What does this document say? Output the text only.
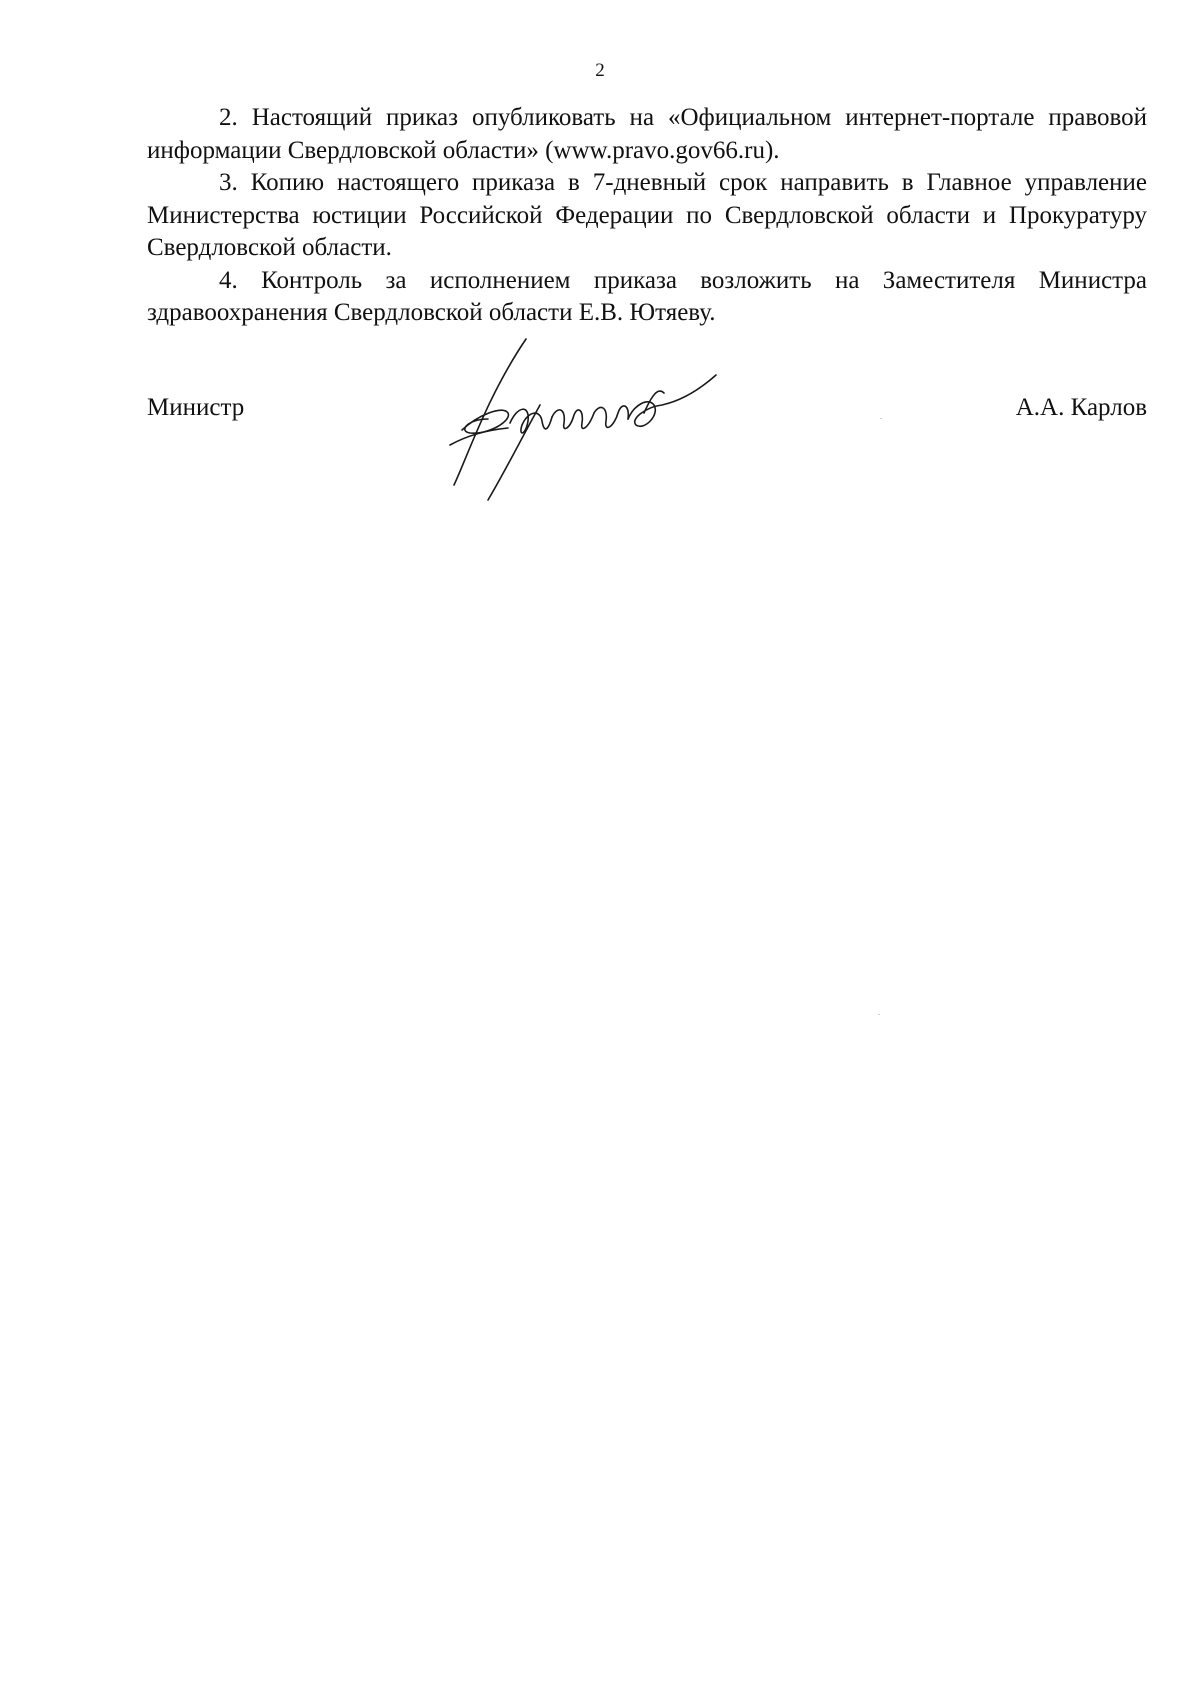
2

2. Настоящий приказ опубликовать на «Официальном интернет-портале правовой информации Свердловской области» (www.pravo.gov66.ru).

3. Копию настоящего приказа в 7-дневный срок направить в Главное управление Министерства юстиции Российской Федерации по Свердловской области и Прокуратуру Свердловской области.

4. Контроль за исполнением приказа возложить на Заместителя Министра здравоохранения Свердловской области Е.В. Ютяеву.

Министр	А.А. Карлов
